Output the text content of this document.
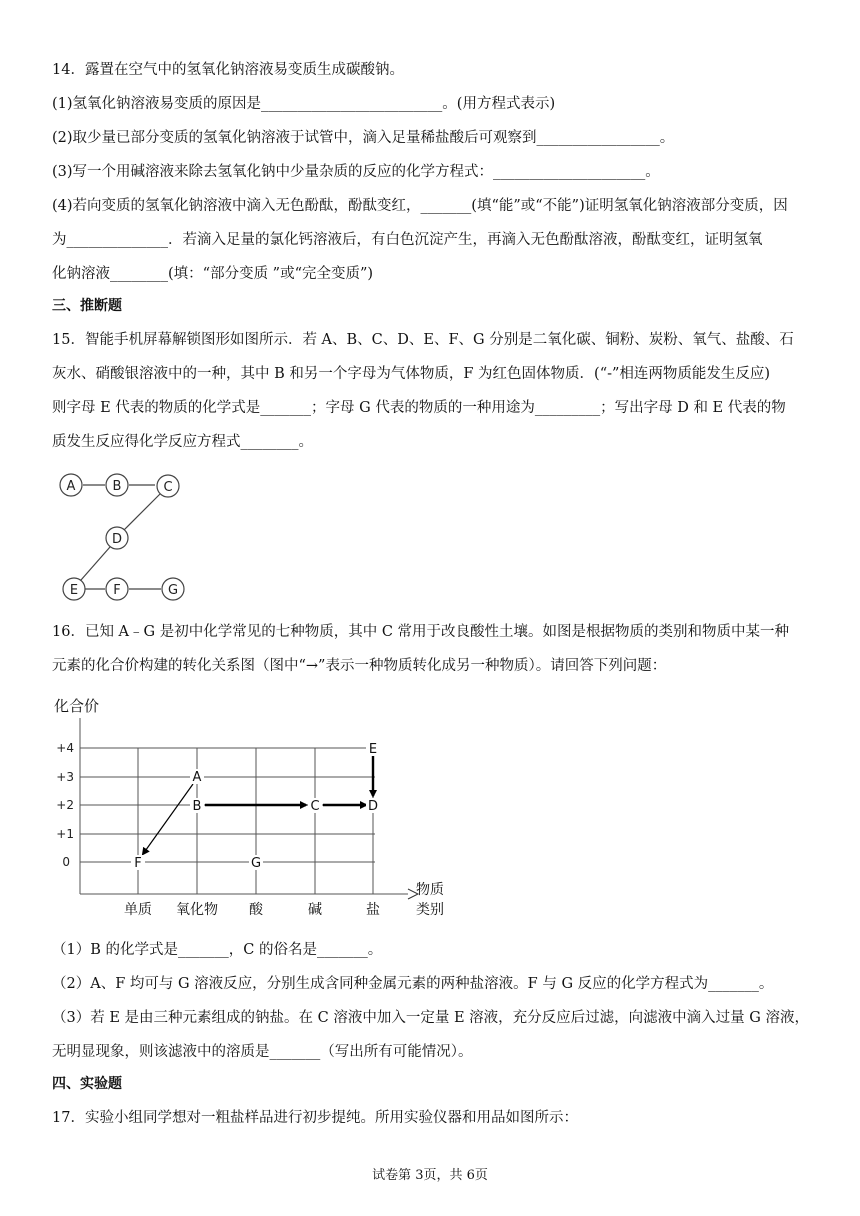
14．露置在空气中的氢氧化钠溶液易变质生成碳酸钠。
(1)氢氧化钠溶液易变质的原因是_________________________。(用方程式表示)
(2)取少量已部分变质的氢氧化钠溶液于试管中，滴入足量稀盐酸后可观察到_________________。
(3)写一个用碱溶液来除去氢氧化钠中少量杂质的反应的化学方程式：_____________________。
(4)若向变质的氢氧化钠溶液中滴入无色酚酞，酚酞变红，_______(填“能”或“不能”)证明氢氧化钠溶液部分变质，因
为______________．若滴入足量的氯化钙溶液后，有白色沉淀产生，再滴入无色酚酞溶液，酚酞变红，证明氢氧
化钠溶液________(填：“部分变质 ”或“完全变质”)
三、推断题
15．智能手机屏幕解锁图形如图所示．若 A、B、C、D、E、F、G 分别是二氧化碳、铜粉、炭粉、氧气、盐酸、石
灰水、硝酸银溶液中的一种，其中 B 和另一个字母为气体物质，F 为红色固体物质．(“-”相连两物质能发生反应)
则字母 E 代表的物质的化学式是_______；字母 G 代表的物质的一种用途为_________；写出字母 D 和 E 代表的物
质发生反应得化学反应方程式________。
A	B	C
D
E	F	G
16．已知 A﹣G 是初中化学常见的七种物质，其中 C 常用于改良酸性土壤。如图是根据物质的类别和物质中某一种
元素的化合价构建的转化关系图（图中“→”表示一种物质转化成另一种物质）。请回答下列问题：
化合价
+4
+3
+2
+1
0
单质 氧化物 酸	碱	盐
物质
类别
A
B	C	D
E
F	G
（1）B 的化学式是_______，C 的俗名是_______。
（2）A、F 均可与 G 溶液反应，分别生成含同种金属元素的两种盐溶液。F 与 G 反应的化学方程式为_______。
（3）若 E 是由三种元素组成的钠盐。在 C 溶液中加入一定量 E 溶液，充分反应后过滤，向滤液中滴入过量 G 溶液，
无明显现象，则该滤液中的溶质是_______（写出所有可能情况）。
四、实验题
17．实验小组同学想对一粗盐样品进行初步提纯。所用实验仪器和用品如图所示：
试卷第 3页，共 6页
